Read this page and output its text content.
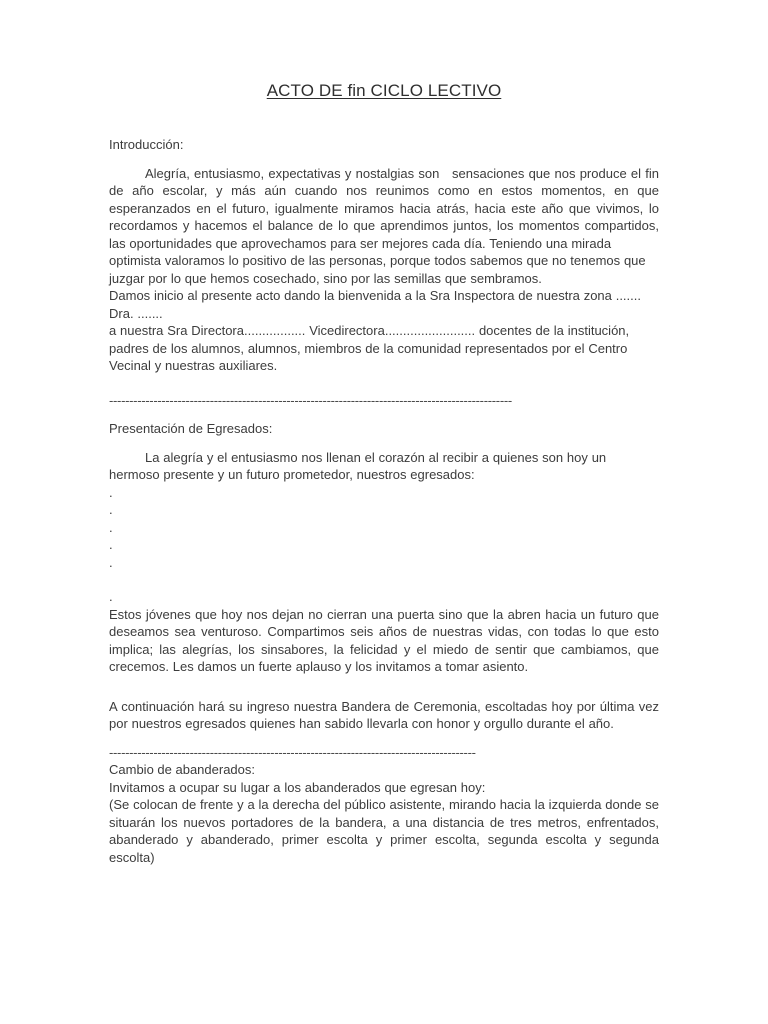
ACTO DE fin CICLO LECTIVO

Introducción:

Alegría, entusiasmo, expectativas y nostalgias son   sensaciones que nos produce el fin de año escolar, y más aún cuando nos reunimos como en estos momentos, en que esperanzados en el futuro, igualmente miramos hacia atrás, hacia este año que vivimos, lo recordamos y hacemos el balance de lo que aprendimos juntos, los momentos compartidos, las oportunidades que aprovechamos para ser mejores cada día. Teniendo una mirada

optimista valoramos lo positivo de las personas, porque todos sabemos que no tenemos que juzgar por lo que hemos cosechado, sino por las semillas que sembramos.

Damos inicio al presente acto dando la bienvenida a la Sra Inspectora de nuestra zona ....... Dra. .......

a nuestra Sra Directora................. Vicedirectora......................... docentes de la institución, padres de los alumnos, alumnos, miembros de la comunidad representados por el Centro Vecinal y nuestras auxiliares.

----------------------------------------------------------------------------------------------------

Presentación de Egresados:

La alegría y el entusiasmo nos llenan el corazón al recibir a quienes son hoy un hermoso presente y un futuro prometedor, nuestros egresados:

.
.
.
.
.
.

Estos jóvenes que hoy nos dejan no cierran una puerta sino que la abren hacia un futuro que deseamos sea venturoso. Compartimos seis años de nuestras vidas, con todas lo que esto implica; las alegrías, los sinsabores, la felicidad y el miedo de sentir que cambiamos, que crecemos. Les damos un fuerte aplauso y los invitamos a tomar asiento.

A continuación hará su ingreso nuestra Bandera de Ceremonia, escoltadas hoy por última vez por nuestros egresados quienes han sabido llevarla con honor y orgullo durante el año.

-------------------------------------------------------------------------------------------

Cambio de abanderados:

Invitamos a ocupar su lugar a los abanderados que egresan hoy:

(Se colocan de frente y a la derecha del público asistente, mirando hacia la izquierda donde se situarán los nuevos portadores de la bandera, a una distancia de tres metros, enfrentados, abanderado y abanderado, primer escolta y primer escolta, segunda escolta y segunda escolta)
